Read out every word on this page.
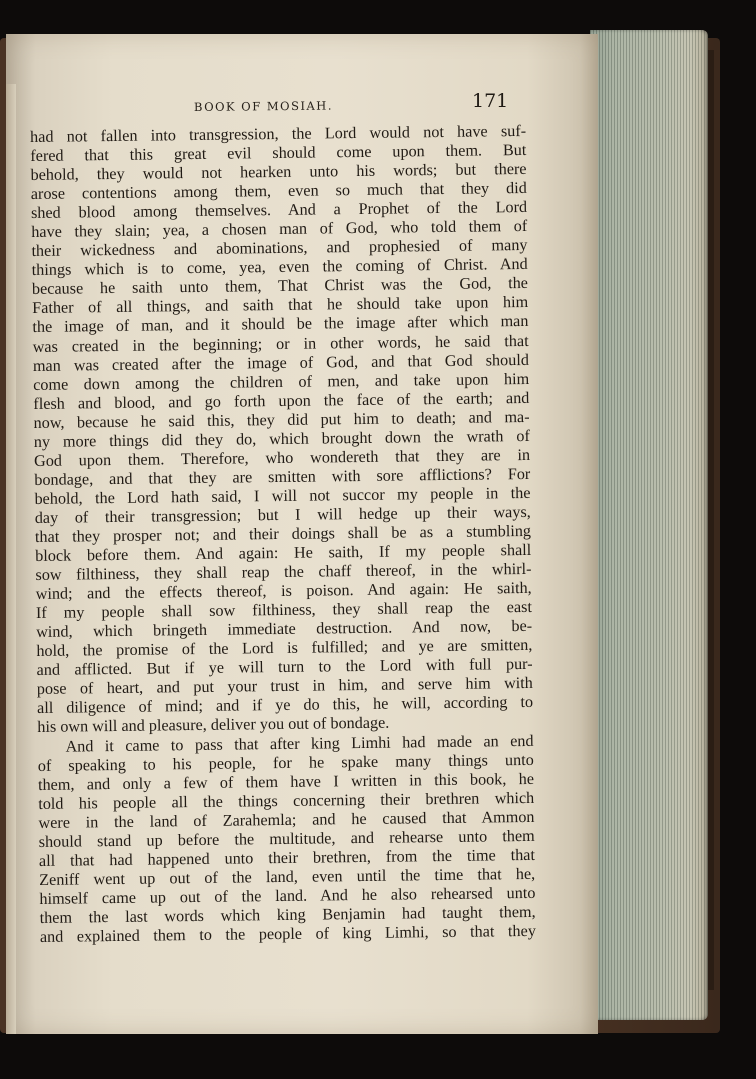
BOOK OF MOSIAH.	171
had not fallen into transgression, the Lord would not have suf-
fered that this great evil should come upon them. But
behold, they would not hearken unto his words; but there
arose contentions among them, even so much that they did
shed blood among themselves. And a Prophet of the Lord
have they slain; yea, a chosen man of God, who told them of
their wickedness and abominations, and prophesied of many
things which is to come, yea, even the coming of Christ. And
because he saith unto them, That Christ was the God, the
Father of all things, and saith that he should take upon him
the image of man, and it should be the image after which man
was created in the beginning; or in other words, he said that
man was created after the image of God, and that God should
come down among the children of men, and take upon him
flesh and blood, and go forth upon the face of the earth; and
now, because he said this, they did put him to death; and ma-
ny more things did they do, which brought down the wrath of
God upon them. Therefore, who wondereth that they are in
bondage, and that they are smitten with sore afflictions? For
behold, the Lord hath said, I will not succor my people in the
day of their transgression; but I will hedge up their ways,
that they prosper not; and their doings shall be as a stumbling
block before them. And again: He saith, If my people shall
sow filthiness, they shall reap the chaff thereof, in the whirl-
wind; and the effects thereof, is poison. And again: He saith,
If my people shall sow filthiness, they shall reap the east
wind, which bringeth immediate destruction. And now, be-
hold, the promise of the Lord is fulfilled; and ye are smitten,
and afflicted. But if ye will turn to the Lord with full pur-
pose of heart, and put your trust in him, and serve him with
all diligence of mind; and if ye do this, he will, according to
his own will and pleasure, deliver you out of bondage.
And it came to pass that after king Limhi had made an end
of speaking to his people, for he spake many things unto
them, and only a few of them have I written in this book, he
told his people all the things concerning their brethren which
were in the land of Zarahemla; and he caused that Ammon
should stand up before the multitude, and rehearse unto them
all that had happened unto their brethren, from the time that
Zeniff went up out of the land, even until the time that he,
himself came up out of the land. And he also rehearsed unto
them the last words which king Benjamin had taught them,
and explained them to the people of king Limhi, so that they
